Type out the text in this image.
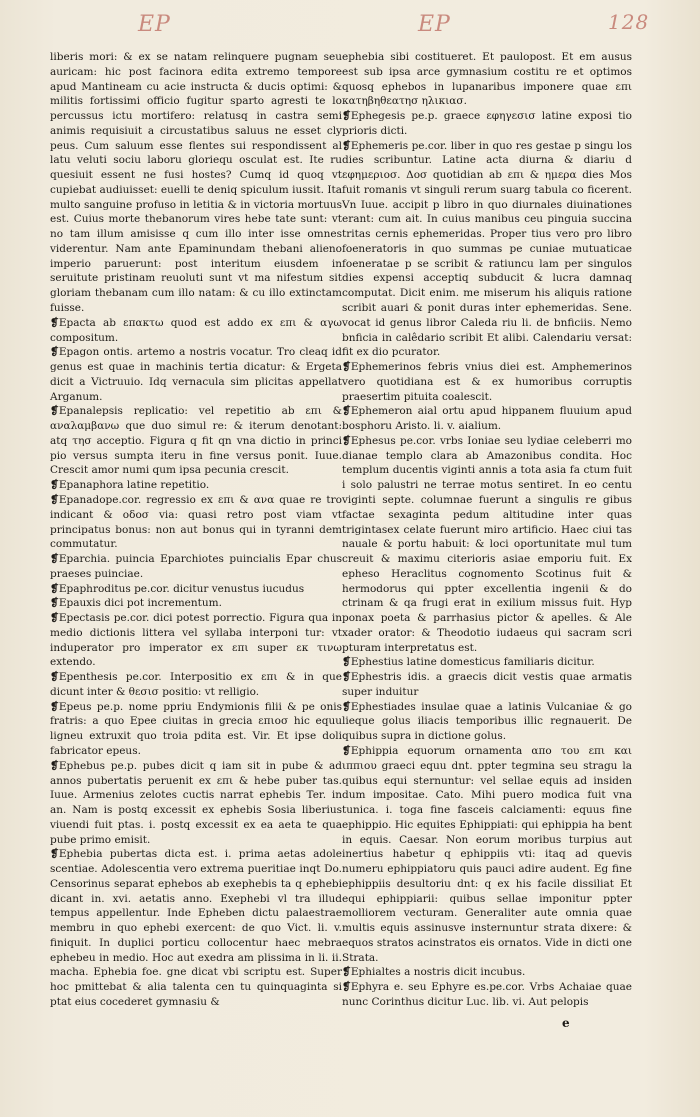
EP	EP	128

liberis mori: & ex se natam relinquere pugnam seu auricam: hic post facinora edita extremo tempore apud Mantineam cu acie instructa & ducis optimi: & militis fortissimi officio fugitur sparto agresti te lo percussus ictu mortifero: relatusq in castra semi animis requisiuit a circustatibus saluus ne esset cly peus. Cum saluum esse flentes sui respondissent al latu veluti sociu laboru gloriequ osculat est. Ite ru quesiuit essent ne fusi hostes? Cumq id quoq vt cupiebat audiuisset: euelli te deniq spiculum iussit. Ita multo sanguine profuso in letitia & in victoria mortuus est. Cuius morte thebanorum vires hebe tate sunt: vt no tam illum amisisse q cum illo inter isse omnes viderentur. Nam ante Epaminundam thebani alieno imperio paruerunt: post interitum eiusdem in seruitute pristinam reuoluti sunt vt ma nifestum sit gloriam thebanam cum illo natam: & cu illo extinctam fuisse.

❡Epacta ab επακτω quod est addo ex επι & αγω compositum.

❡Epagon ontis. artemo a nostris vocatur. Tro cleaq id genus est quae in machinis tertia dicatur: & Ergeta dicit a Victruuio. Idq vernacula sim plicitas appellat Arganum.

❡Epanalepsis replicatio: vel repetitio ab επι & αναλαμβανω que duo simul re: & iterum denotant: atq τησ acceptio. Figura q fit qn vna dictio in princi pio versus sumpta iteru in fine versus ponit. Iuue. Crescit amor numi qum ipsa pecunia crescit.

❡Epanaphora latine repetitio.

❡Epanadope.cor. regressio ex επι & ανα quae re tro indicant & οδοσ via: quasi retro post viam vt principatus bonus: non aut bonus qui in tyranni dem commutatur.

❡Eparchia. puincia Eparchiotes puincialis Epar chus praeses puinciae.

❡Epaphroditus pe.cor. dicitur venustus iucudus

❡Epauxis dici pot incrementum.

❡Epectasis pe.cor. dici potest porrectio. Figura qua in medio dictionis littera vel syllaba interponi tur: vt induperator pro imperator ex επι super εκ τινω extendo.

❡Epenthesis pe.cor. Interpositio ex επι & in que dicunt inter & θεσισ positio: vt relligio.

❡Epeus pe.p. nome ppriu Endymionis filii & pe onis fratris: a quo Epee ciuitas in grecia επιοσ hic equu ligneu extruxit quo troia pdita est. Vir. Et ipse doli fabricator epeus.

❡Ephebus pe.p. pubes dicit q iam sit in pube & ad annos pubertatis peruenit ex επι & hebe puber tas. Iuue. Armenius zelotes cuctis narrat ephebis Ter. in an. Nam is postq excessit ex ephebis Sosia liberius viuendi fuit ptas. i. postq excessit ex ea aeta te qua pube primo emisit.

❡Ephebia pubertas dicta est. i. prima aetas adole scentiae. Adolescentia vero extrema pueritiae inqt Do. Censorinus separat ephebos ab exephebis ta q ephebi dicant in. xvi. aetatis anno. Exephebi vl tra illud tempus appellentur. Inde Epheben dictu palaestrae membru in quo ephebi exercent: de quo Vict. li. v. finiquit. In duplici porticu collocentur haec mebra ephebeu in medio. Hoc aut exedra am plissima in li. ii. macha. Ephebia foe. gne dicat vbi scriptu est. Super hoc pmittebat & alia talenta cen tu quinquaginta si ptat eius cocederet gymnasiu &

ephebia sibi costitueret. Et paulopost. Et em ausus est sub ipsa arce gymnasium costitu re et optimos quosq ephebos in lupanaribus imponere quae επι κατηβηθεατησ ηλικιασ.

❡Ephegesis pe.p. graece εφηγεσισ latine exposi tio prioris dicti.

❡Ephemeris pe.cor. liber in quo res gestae p singu los dies scribuntur. Latine acta diurna & diariu d εφημεριοσ. Δοσ quotidian ab επι & ημερα dies Mos fuit romanis vt singuli rerum suarg tabula co ficerent. Vn Iuue. accipit p libro in quo diurnales diuinationes erant: cum ait. In cuius manibus ceu pinguia succina tritas cernis ephemeridas. Proper tius vero pro libro foeneratoris in quo summas pe cuniae mutuaticae foeneratae p se scribit & ratiuncu lam per singulos dies expensi acceptiq subducit & lucra damnaq computat. Dicit enim. me miserum his aliquis ratione scribit auari & ponit duras inter ephemeridas. Sene. vocat id genus libror Caleda riu li. de bnficiis. Nemo bnficia in calêdario scribit Et alibi. Calendariu versat: fit ex dio pcurator.

❡Ephemerinos febris vnius diei est. Amphemerinos vero quotidiana est & ex humoribus corruptis praesertim pituita coalescit.

❡Ephemeron aial ortu apud hippanem fluuium apud bosphoru Aristo. li. v. aialium.

❡Ephesus pe.cor. vrbs Ioniae seu lydiae celeberri mo dianae templo clara ab Amazonibus condita. Hoc templum ducentis viginti annis a tota asia fa ctum fuit i solo palustri ne terrae motus sentiret. In eo centu viginti septe. columnae fuerunt a singulis re gibus factae sexaginta pedum altitudine inter quas trigintasex celate fuerunt miro artificio. Haec ciui tas nauale & portu habuit: & loci oportunitate mul tum creuit & maximu citerioris asiae emporiu fuit. Ex epheso Heraclitus cognomento Scotinus fuit & hermodorus qui ppter excellentia ingenii & do ctrinam & qa frugi erat in exilium missus fuit. Hyp ponax poeta & parrhasius pictor & apelles. & Ale xader orator: & Theodotio iudaeus qui sacram scri pturam interpretatus est.

❡Ephestius latine domesticus familiaris dicitur.

❡Ephestris idis. a graecis dicit vestis quae armatis super induitur

❡Ephestiades insulae quae a latinis Vulcaniae & go lieque golus iliacis temporibus illic regnauerit. De quibus supra in dictione golus.

❡Ephippia equorum ornamenta απο του επι και ιππιου graeci equu dnt. ppter tegmina seu stragu la quibus equi sternuntur: vel sellae equis ad insiden dum impositae. Cato. Mihi puero modica fuit vna tunica. i. toga fine fasceis calciamenti: equus fine ephippio. Hic equites Ephippiati: qui ephippia ha bent in equis. Caesar. Non eorum moribus turpius aut inertius habetur q ephippiis vti: itaq ad quevis numeru ephippiatoru quis pauci adire audent. Eg fine ephippiis desultoriu dnt: q ex his facile dissiliat Et equi ephippiarii: quibus sellae imponitur ppter molliorem vecturam. Generaliter aute omnia quae multis equis assinusve insternuntur strata dixere: & equos stratos acinstratos eis ornatos. Vide in dicti one Strata.

❡Ephialtes a nostris dicit incubus.

❡Ephyra e. seu Ephyre es.pe.cor. Vrbs Achaiae quae nunc Corinthus dicitur Luc. lib. vi. Aut pelopis

e
